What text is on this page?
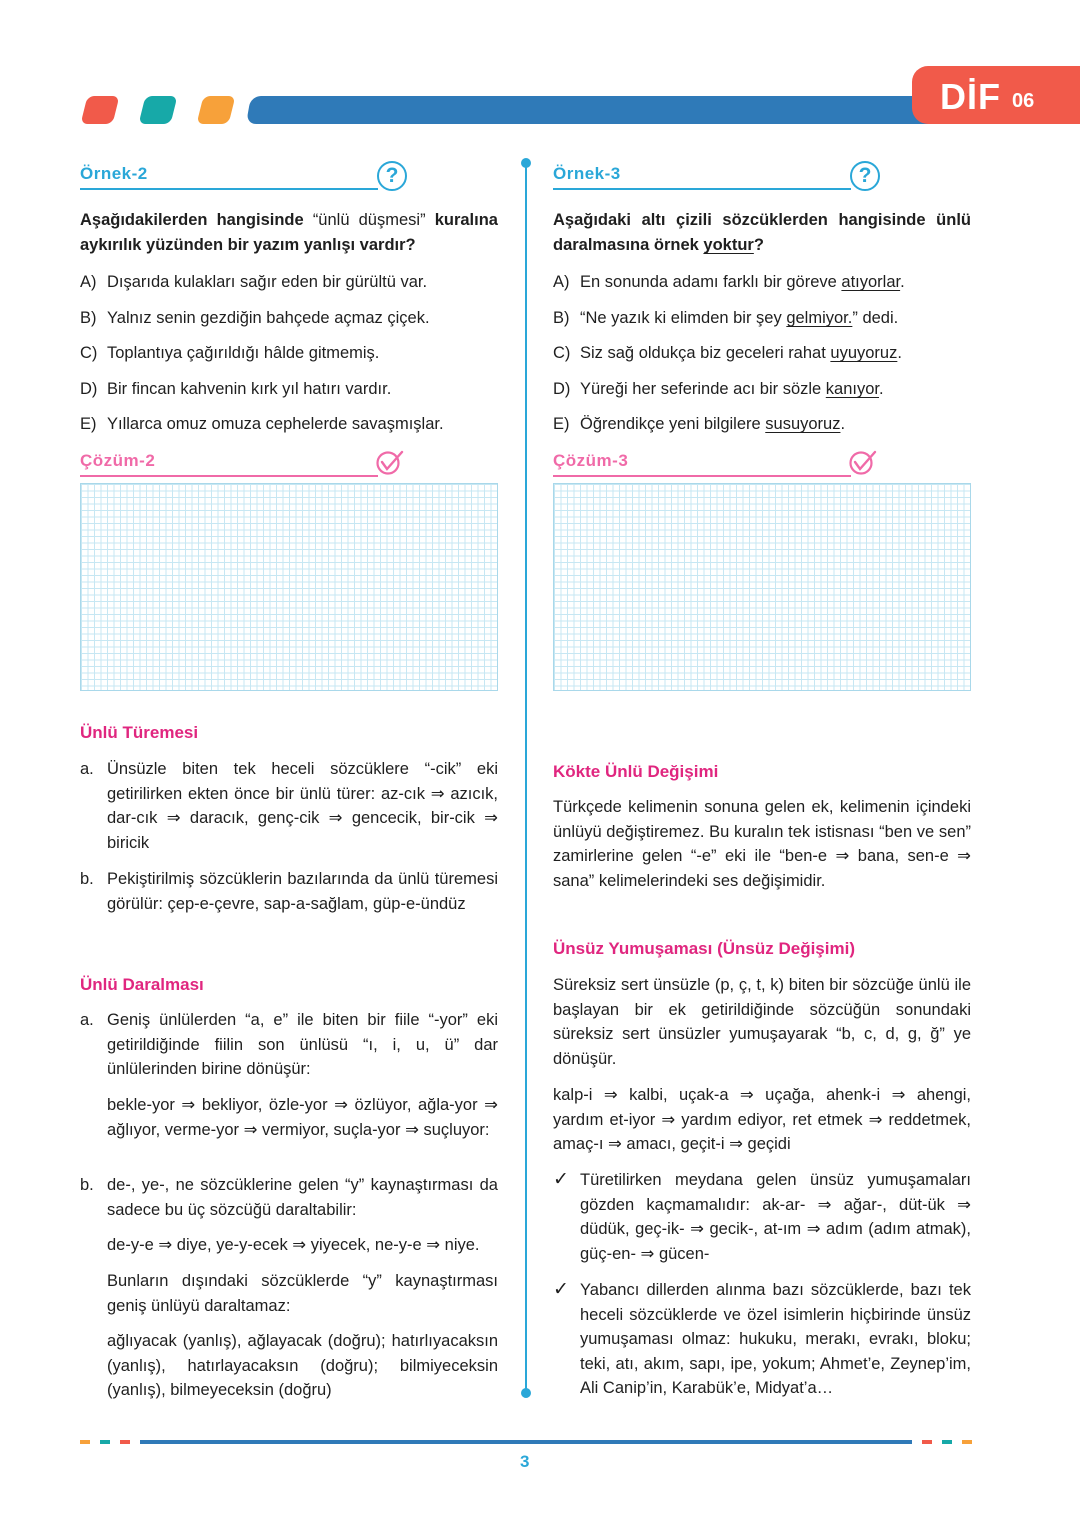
DİF 06
Örnek-2	?
Aşağıdakilerden hangisinde “ünlü düşmesi” kuralına aykırılık yüzünden bir yazım yanlışı vardır?
A) Dışarıda kulakları sağır eden bir gürültü var.
B) Yalnız senin gezdiğin bahçede açmaz çiçek.
C) Toplantıya çağırıldığı hâlde gitmemiş.
D) Bir fincan kahvenin kırk yıl hatırı vardır.
E) Yıllarca omuz omuza cephelerde savaşmışlar.
Çözüm-2
Örnek-3	?
Aşağıdaki altı çizili sözcüklerden hangisinde ünlü daralmasına örnek yoktur?
A) En sonunda adamı farklı bir göreve atıyorlar.
B) “Ne yazık ki elimden bir şey gelmiyor.” dedi.
C) Siz sağ oldukça biz geceleri rahat uyuyoruz.
D) Yüreği her seferinde acı bir sözle kanıyor.
E) Öğrendikçe yeni bilgilere susuyoruz.
Çözüm-3
Ünlü Türemesi
a. Ünsüzle biten tek heceli sözcüklere “-cik” eki getirilirken ekten önce bir ünlü türer: az-cık ⇒ azıcık, dar-cık ⇒ daracık, genç-cik ⇒ gencecik, bir-cik ⇒ biricik
b. Pekiştirilmiş sözcüklerin bazılarında da ünlü türemesi görülür: çep-e-çevre, sap-a-sağlam, güp-e-ündüz
Ünlü Daralması
a. Geniş ünlülerden “a, e” ile biten bir fiile “-yor” eki getirildiğinde fiilin son ünlüsü “ı, i, u, ü” dar ünlülerinden birine dönüşür:
bekle-yor ⇒ bekliyor, özle-yor ⇒ özlüyor, ağla-yor ⇒ ağlıyor, verme-yor ⇒ vermiyor, suçla-yor ⇒ suçluyor:
b. de-, ye-, ne sözcüklerine gelen “y” kaynaştırması da sadece bu üç sözcüğü daraltabilir:
de-y-e ⇒ diye, ye-y-ecek ⇒ yiyecek, ne-y-e ⇒ niye.
Bunların dışındaki sözcüklerde “y” kaynaştırması geniş ünlüyü daraltamaz:
ağlıyacak (yanlış), ağlayacak (doğru); hatırlıyacaksın (yanlış), hatırlayacaksın (doğru); bilmiyeceksin (yanlış), bilmeyeceksin (doğru)
Kökte Ünlü Değişimi
Türkçede kelimenin sonuna gelen ek, kelimenin içindeki ünlüyü değiştiremez. Bu kuralın tek istisnası “ben ve sen” zamirlerine gelen “-e” eki ile “ben-e ⇒ bana, sen-e ⇒ sana” kelimelerindeki ses değişimidir.
Ünsüz Yumuşaması (Ünsüz Değişimi)
Süreksiz sert ünsüzle (p, ç, t, k) biten bir sözcüğe ünlü ile başlayan bir ek getirildiğinde sözcüğün sonundaki süreksiz sert ünsüzler yumuşayarak “b, c, d, g, ğ” ye dönüşür.
kalp-i ⇒ kalbi, uçak-a ⇒ uçağa, ahenk-i ⇒ ahengi, yardım et-iyor ⇒ yardım ediyor, ret etmek ⇒ reddetmek, amaç-ı ⇒ amacı, geçit-i ⇒ geçidi
✓ Türetilirken meydana gelen ünsüz yumuşamaları gözden kaçmamalıdır: ak-ar- ⇒ ağar-, düt-ük ⇒ düdük, geç-ik- ⇒ gecik-, at-ım ⇒ adım (adım atmak), güç-en- ⇒ gücen-
✓ Yabancı dillerden alınma bazı sözcüklerde, bazı tek heceli sözcüklerde ve özel isimlerin hiçbirinde ünsüz yumuşaması olmaz: hukuku, merakı, evrakı, bloku; teki, atı, akım, sapı, ipe, yokum; Ahmet’e, Zeynep’im, Ali Canip’in, Karabük’e, Midyat’a…
3
